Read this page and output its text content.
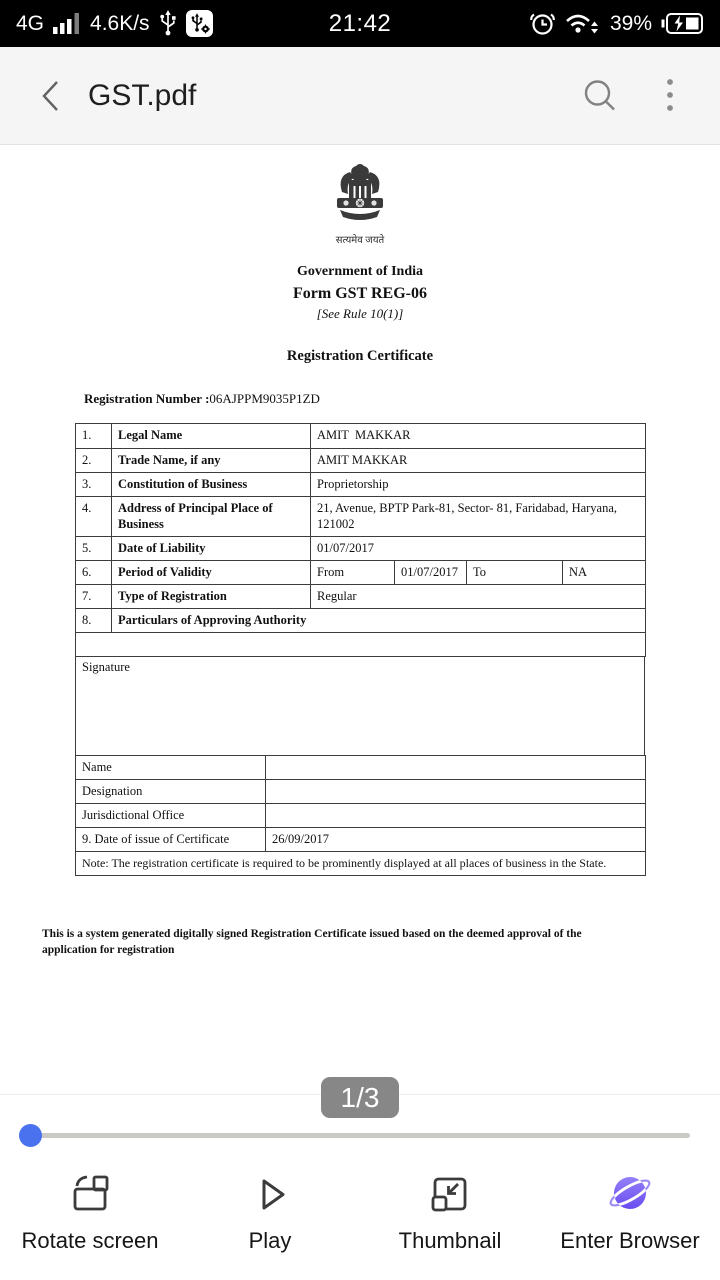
4G 4.6K/s	21:42	39%
GST.pdf
सत्यमेव जयते
Government of India
Form GST REG-06
[See Rule 10(1)]
Registration Certificate
Registration Number :06AJPPM9035P1ZD
1.	Legal Name	AMIT  MAKKAR			
2.	Trade Name, if any	AMIT MAKKAR			
3.	Constitution of Business	Proprietorship			
4.	Address of Principal Place of Business	21, Avenue, BPTP Park-81, Sector- 81, Faridabad, Haryana, 121002			
5.	Date of Liability	01/07/2017			
6.	Period of Validity	From	01/07/2017	To	NA
7.	Type of Registration	Regular			
8.	Particulars of Approving Authority				

Signature
Name	
Designation	
Jurisdictional Office	
9. Date of issue of Certificate	26/09/2017
Note: The registration certificate is required to be prominently displayed at all places of business in the State.	
This is a system generated digitally signed Registration Certificate issued based on the deemed approval of the application for registration
1/3
Rotate screen	Play	Thumbnail	Enter Browser
